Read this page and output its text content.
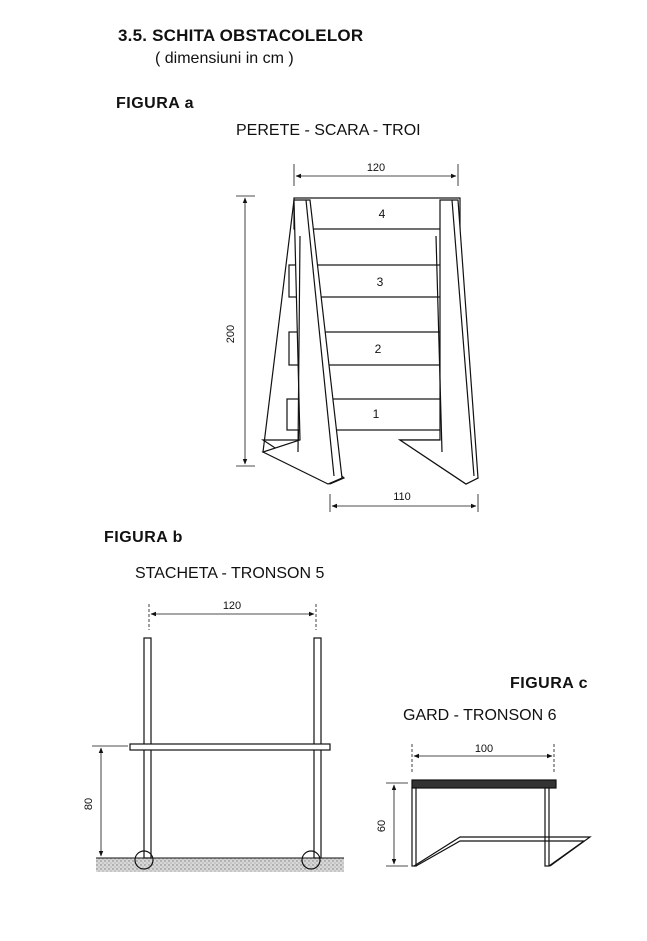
3.5. SCHITA OBSTACOLELOR
( dimensiuni in cm )
FIGURA a
PERETE - SCARA - TROI
FIGURA b
STACHETA - TRONSON 5
FIGURA c
GARD - TRONSON 6
120
200
110
4
3
2
1
120
80
100
60
